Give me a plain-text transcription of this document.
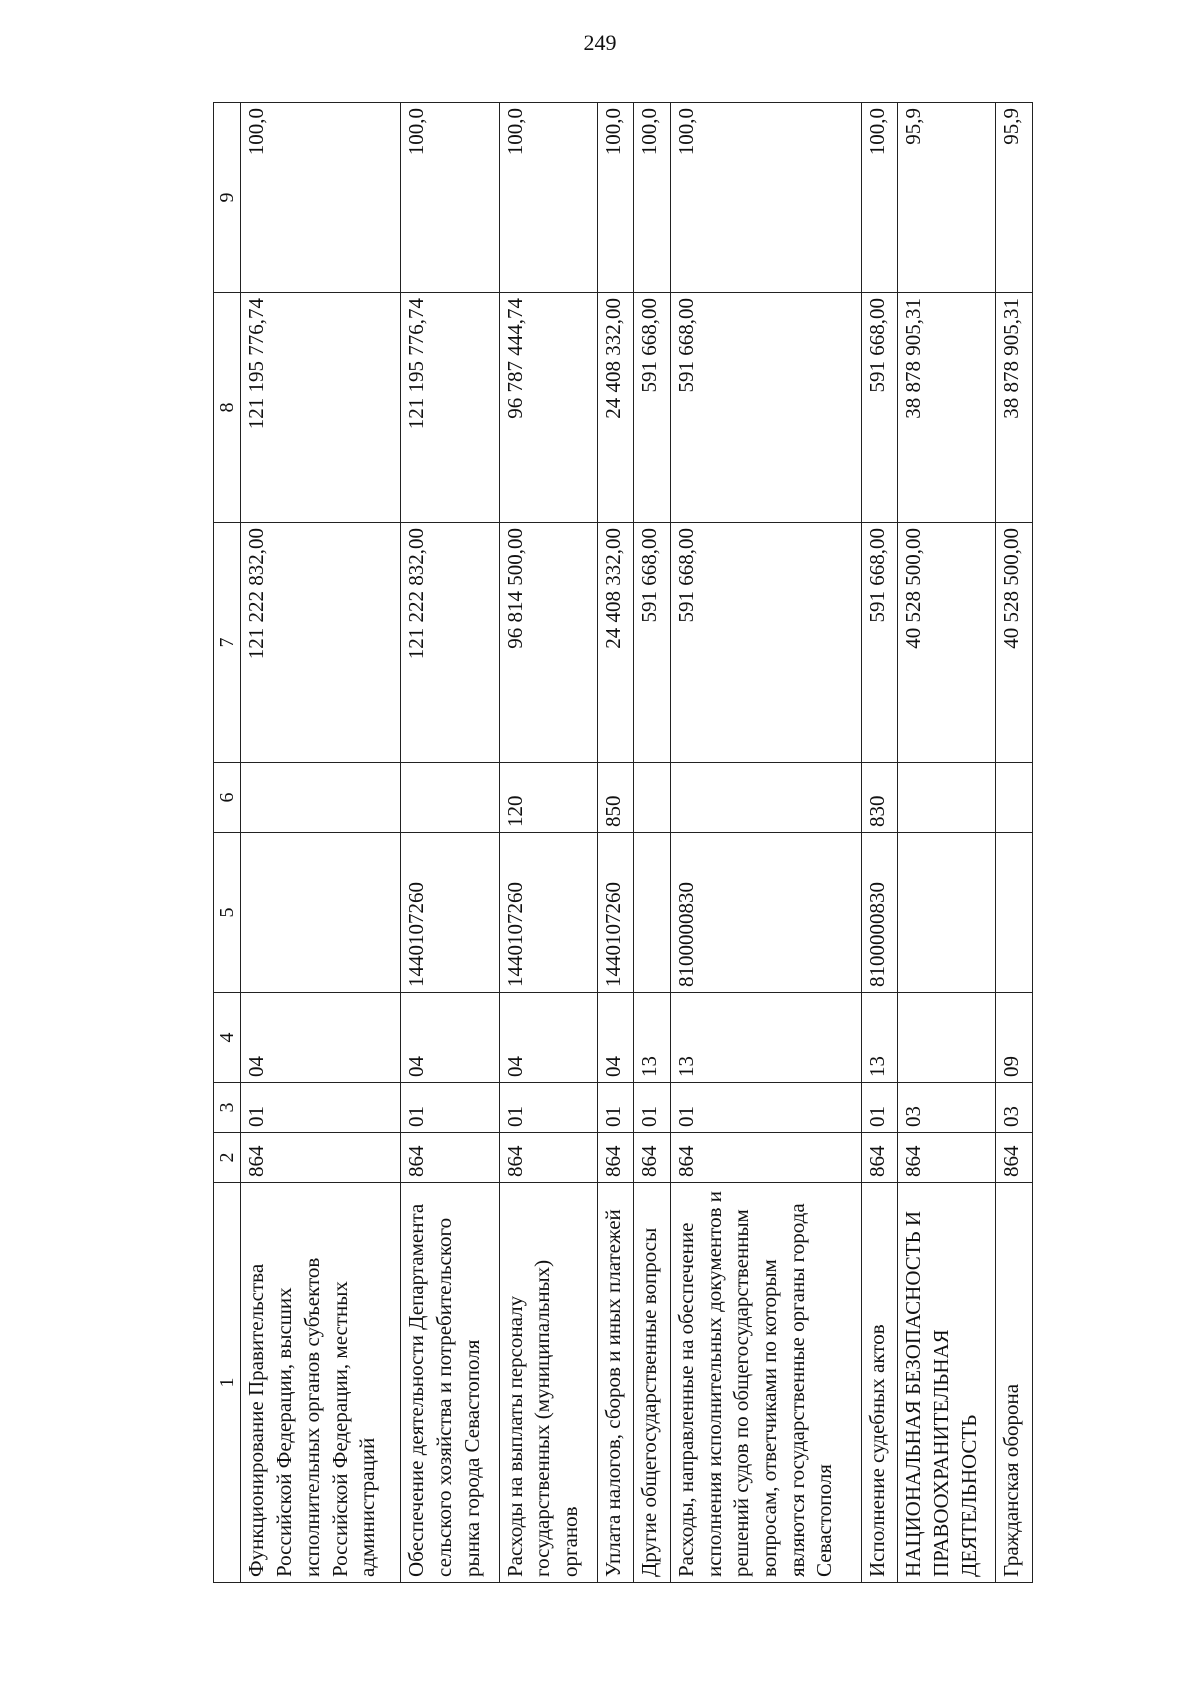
249
1	2	3	4	5	6	7	8	9
Функционирование Правительства Российской Федерации, высших исполнительных органов субъектов Российской Федерации, местных администраций	864	01	04			121 222 832,00	121 195 776,74	100,0
Обеспечение деятельности Департамента сельского хозяйства и потребительского рынка города Севастополя	864	01	04	1440107260		121 222 832,00	121 195 776,74	100,0
Расходы на выплаты персоналу государственных (муниципальных) органов	864	01	04	1440107260	120	96 814 500,00	96 787 444,74	100,0
Уплата налогов, сборов и иных платежей	864	01	04	1440107260	850	24 408 332,00	24 408 332,00	100,0
Другие общегосударственные вопросы	864	01	13			591 668,00	591 668,00	100,0
Расходы, направленные на обеспечение исполнения исполнительных документов и решений судов по общегосударственным вопросам, ответчиками по которым являются государственные органы города Севастополя	864	01	13	8100000830		591 668,00	591 668,00	100,0
Исполнение судебных актов	864	01	13	8100000830	830	591 668,00	591 668,00	100,0
НАЦИОНАЛЬНАЯ БЕЗОПАСНОСТЬ И ПРАВООХРАНИТЕЛЬНАЯ ДЕЯТЕЛЬНОСТЬ	864	03				40 528 500,00	38 878 905,31	95,9
Гражданская оборона	864	03	09			40 528 500,00	38 878 905,31	95,9
